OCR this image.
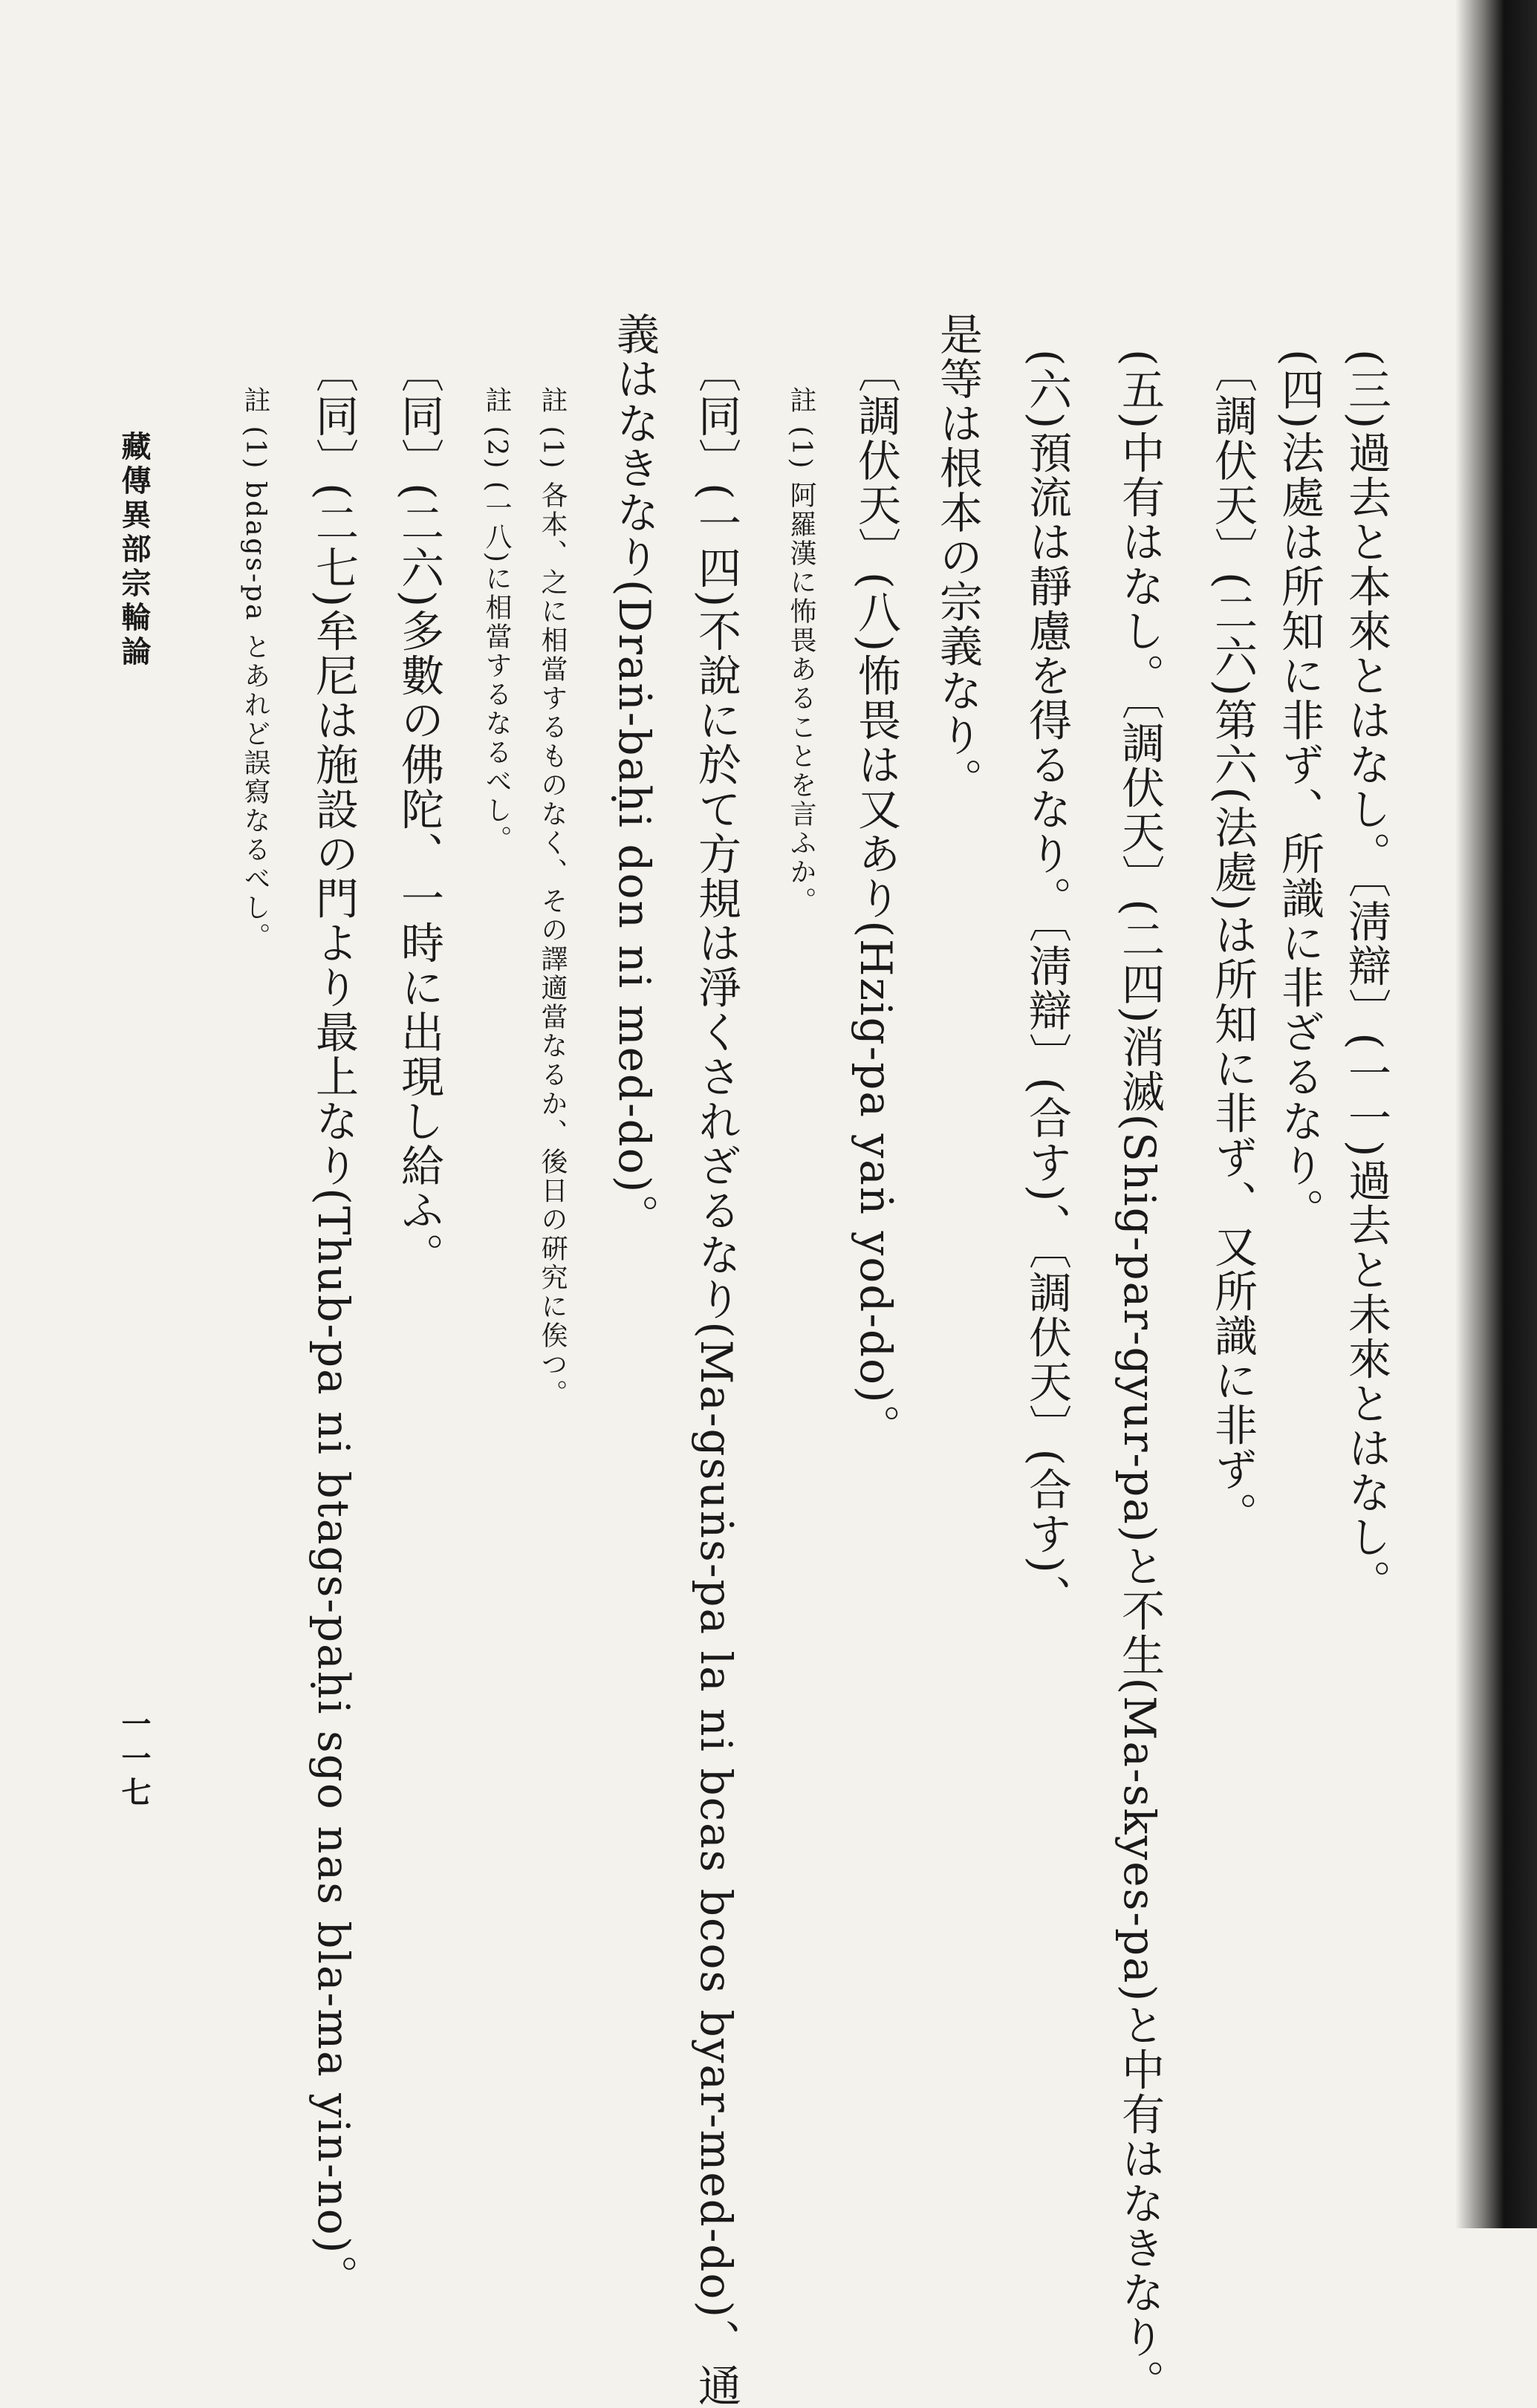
(三)過去と本來とはなし。〔淸辯〕(一一)過去と未來とはなし。
(四)法處は所知に非ず、所識に非ざるなり。
〔調伏天〕(二六)第六(法處)は所知に非ず、又所識に非ず。
(五)中有はなし。〔調伏天〕(二四)消滅(Shig-par-gyur-pa)と不生(Ma-skyes-pa)と中有はなきなり。
(六)預流は靜慮を得るなり。〔淸辯〕(合す)、〔調伏天〕(合す)、
是等は根本の宗義なり。
〔調伏天〕(八)怖畏は又あり(Hzig-pa yaṅ yod-do)。
註 (1) 阿羅漢に怖畏あることを言ふか。
〔同〕(一四)不說に於て方規は淨くされざるなり(Ma-gsuṅs-pa la ni bcas bcos byar-med-do)、通
義はなきなり(Draṅ-baḥi don ni med-do)。
註 (1) 各本、之に相當するものなく、その譯適當なるか、後日の硏究に俟つ。
註 (2) (一八)に相當するなるべし。
〔同〕(二六)多數の佛陀、一時に出現し給ふ。
〔同〕(二七)牟尼は施設の門より最上なり(Thub-pa ni btags-paḥi sgo nas bla-ma yin-no)。
註 (1) bdags-pa とあれど誤寫なるべし。
藏傳異部宗輪論
一一七
